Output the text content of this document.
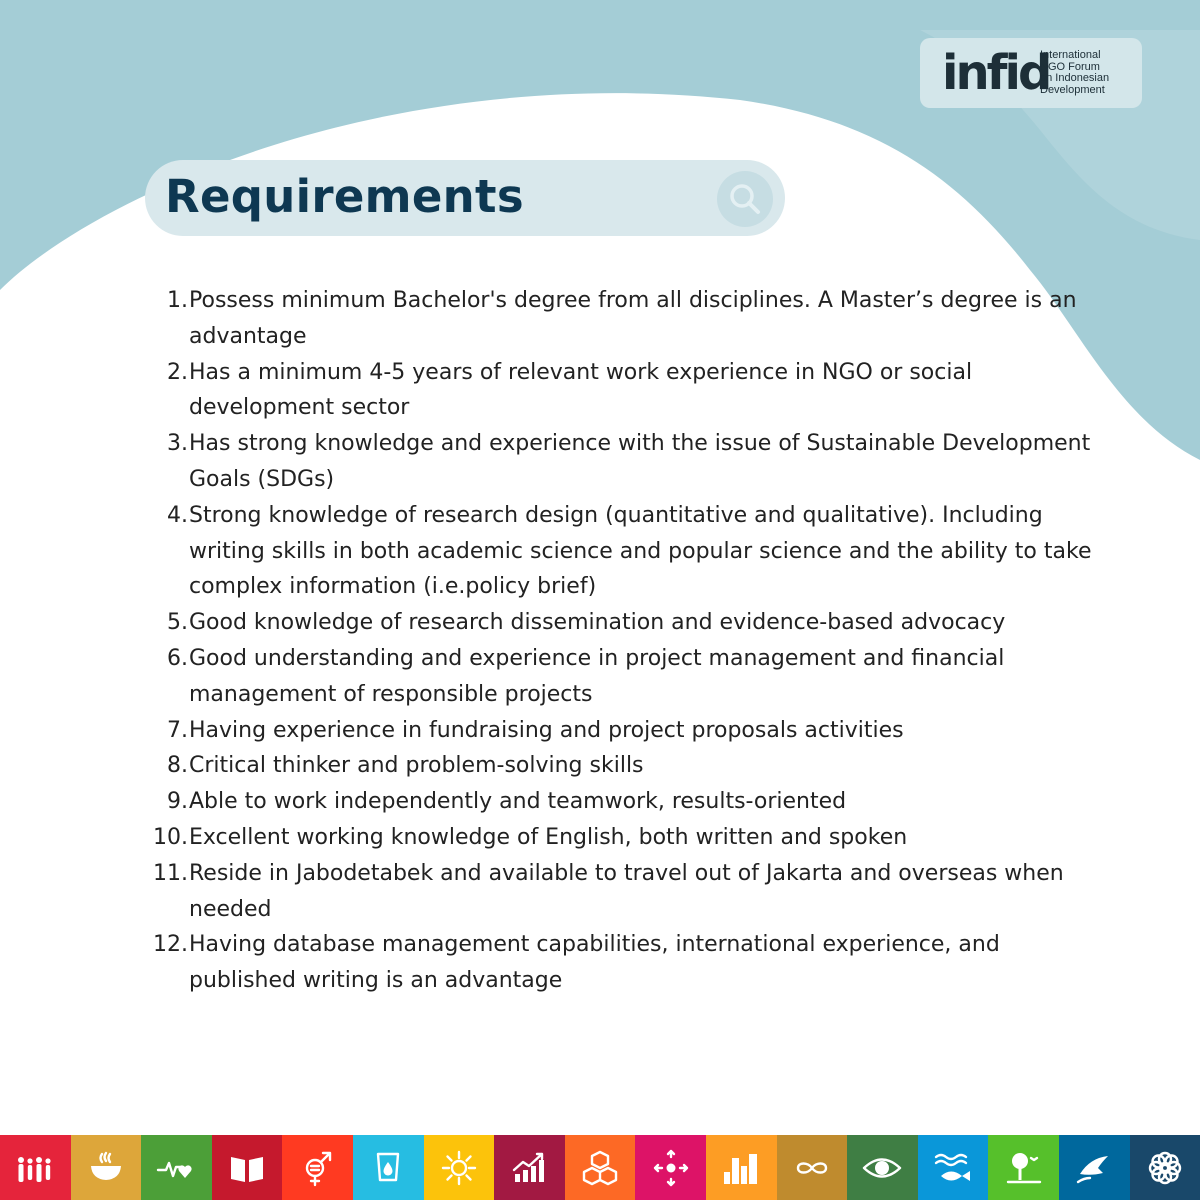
infid
International
NGO Forum
on Indonesian
Development
Requirements
1. Possess minimum Bachelor's degree from all disciplines. A Master’s degree is an advantage
2. Has a minimum 4-5 years of relevant work experience in NGO or social development sector
3. Has strong knowledge and experience with the issue of Sustainable Development Goals (SDGs)
4. Strong knowledge of research design (quantitative and qualitative). Including writing skills in both academic science and popular science and the ability to take complex information (i.e.policy brief)
5. Good knowledge of research dissemination and evidence-based advocacy
6. Good understanding and experience in project management and financial management of responsible projects
7. Having experience in fundraising and project proposals activities
8. Critical thinker and problem-solving skills
9. Able to work independently and teamwork, results-oriented
10. Excellent working knowledge of English, both written and spoken
11. Reside in Jabodetabek and available to travel out of Jakarta and overseas when needed
12. Having database management capabilities, international experience, and published writing is an advantage
